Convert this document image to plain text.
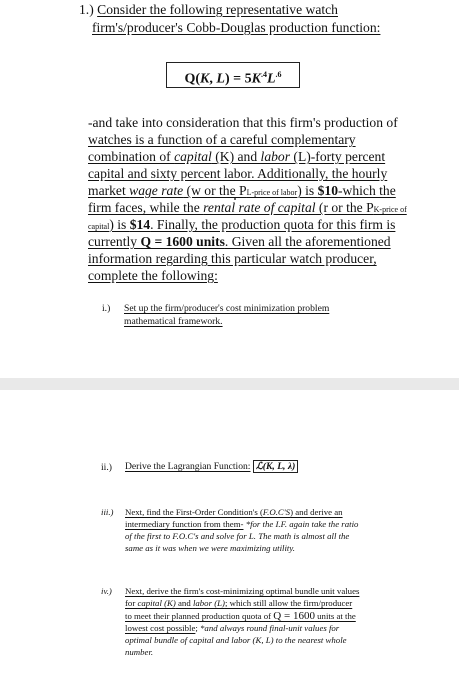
1.) Consider the following representative watch
firm's/producer's Cobb-Douglas production function:
Q(K, $L) = 5K^{.4}L^{.6}$
-and take into consideration that this firm's production of
watches is a function of a careful complementary
combination of capital (K) and labor (L)-forty percent
capital and sixty percent labor. Additionally, the hourly
market wage rate (w or the PL-price of labor) is $10-which the
firm faces, while the rental rate of capital (r or the PK-price of
capital) is $14. Finally, the production quota for this firm is
currently Q = 1600 units. Given all the aforementioned
information regarding this particular watch producer,
complete the following:
i.) Set up the firm/producer's cost minimization problem
mathematical framework.
ii.) Derive the Lagrangian Function: ℒ(K, L, λ)
iii.) Next, find the First-Order Condition's (F.O.C'S) and derive an
intermediary function from them- *for the I.F. again take the ratio
of the first to F.O.C's and solve for L. The math is almost all the
same as it was when we were maximizing utility.
iv.) Next, derive the firm's cost-minimizing optimal bundle unit values
for capital (K) and labor (L); which still allow the firm/producer
to meet their planned production quota of Q = 1600 units at the
lowest cost possible; *and always round final-unit values for
optimal bundle of capital and labor (K, L) to the nearest whole
number.
